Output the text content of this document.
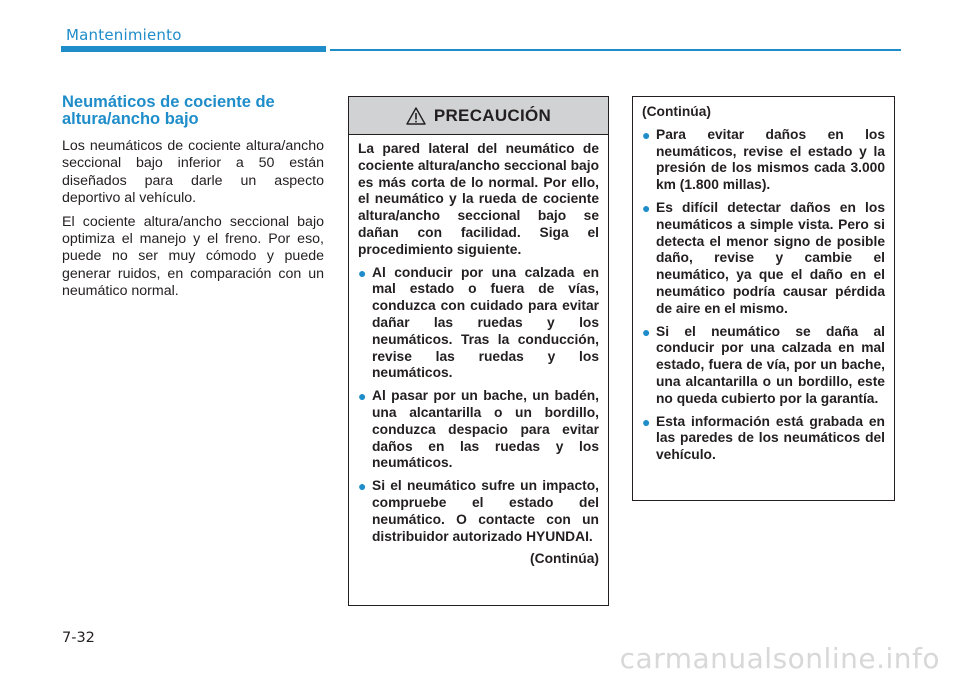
Mantenimiento
Neumáticos de cociente de altura/ancho bajo

Los neumáticos de cociente altura/ancho seccional bajo inferior a 50 están diseñados para darle un aspecto deportivo al vehículo.

El cociente altura/ancho seccional bajo optimiza el manejo y el freno. Por eso, puede no ser muy cómodo y puede generar ruidos, en comparación con un neumático normal.

PRECAUCIÓN

La pared lateral del neumático de cociente altura/ancho seccional bajo es más corta de lo normal. Por ello, el neumático y la rueda de cociente altura/ancho seccional bajo se dañan con facilidad. Siga el procedimiento siguiente.

● Al conducir por una calzada en mal estado o fuera de vías, conduzca con cuidado para evitar dañar las ruedas y los neumáticos. Tras la conducción, revise las ruedas y los neumáticos.
● Al pasar por un bache, un badén, una alcantarilla o un bordillo, conduzca despacio para evitar daños en las ruedas y los neumáticos.
● Si el neumático sufre un impacto, compruebe el estado del neumático. O contacte con un distribuidor autorizado HYUNDAI.
(Continúa)
(Continúa)
● Para evitar daños en los neumáticos, revise el estado y la presión de los mismos cada 3.000 km (1.800 millas).
● Es difícil detectar daños en los neumáticos a simple vista. Pero si detecta el menor signo de posible daño, revise y cambie el neumático, ya que el daño en el neumático podría causar pérdida de aire en el mismo.
● Si el neumático se daña al conducir por una calzada en mal estado, fuera de vía, por un bache, una alcantarilla o un bordillo, este no queda cubierto por la garantía.
● Esta información está grabada en las paredes de los neumáticos del vehículo.
7-32
carmanualsonline.info
